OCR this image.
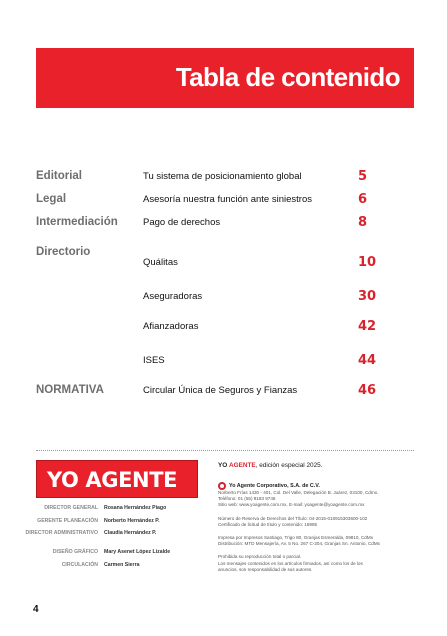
Tabla de contenido
Editorial	Tu sistema de posicionamiento global	5
Legal	Asesoría nuestra función ante siniestros	6
Intermediación	Pago de derechos	8
Directorio
Quálitas	10
Aseguradoras	30
Afianzadoras	42
ISES	44
NORMATIVA	Circular Única de Seguros y Fianzas	46
YO AGENTE
DIRECTOR GENERAL Rosana Hernández Piago
GERENTE PLANEACIÓN Norberto Hernández P.
DIRECTOR ADMINISTRATIVO Claudia Hernández P.
DISEÑO GRÁFICO Mary Asenet López Lizalde
CIRCULACIÓN Carmen Sierra
YO AGENTE, edición especial 2025.
Yo Agente Corporativo, S.A. de C.V.
Norberto Frías 1430 - 401, Col. Del Valle, Delegación B. Juárez, 03100, Cdmx.
Teléfono: 01 (55) 9183 9746
Sitio web: www.yoagente.com.mx, E-mail: yoagente@yoagente.com.mx
Número de Reserva de Derechos del Título: 04-2015-010915303600-102
Certificado de licitud de título y contenido: 16985
Impresa por Impresos Santiago, Trigo 80, Granjas Esmeralda, 09810, CdMx
Distribución: MTD Mensajería, Av. 5 No. 267 C-204, Granjas Sn. Antonio, CdMx
Prohibida su reproducción total o parcial.
Los mensajes contenidos en los artículos firmados, así como los de los
anuncios, son responsabilidad de sus autores.
4
